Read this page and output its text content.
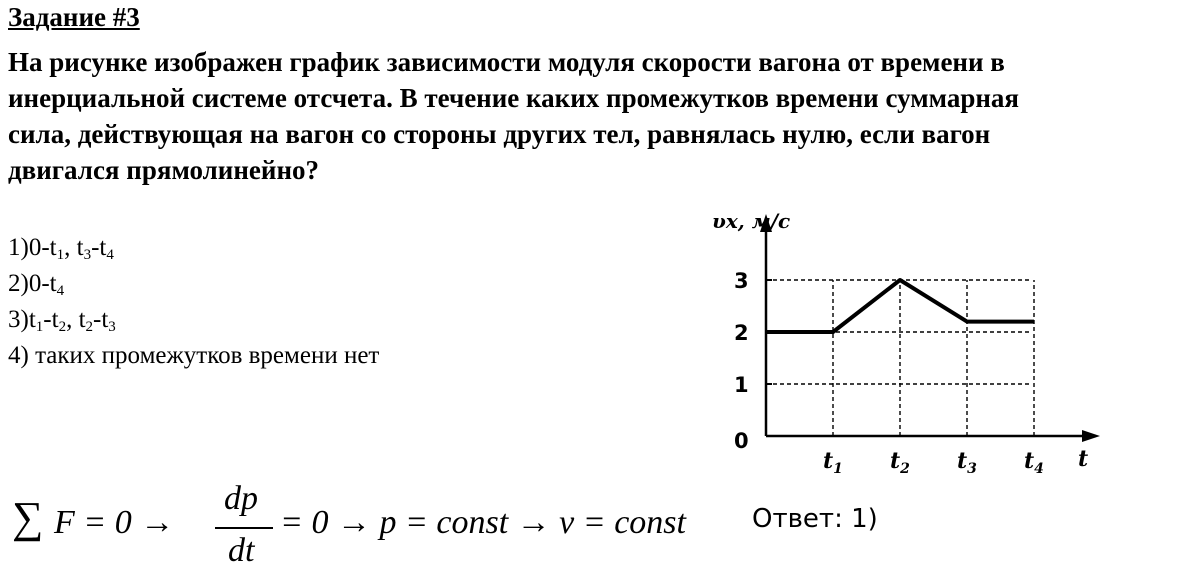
Задание #3
На рисунке изображен график зависимости модуля скорости вагона от времени в
инерциальной системе отсчета. В течение каких промежутков времени суммарная
сила, действующая на вагон со стороны других тел, равнялась нулю, если вагон
двигался прямолинейно?
$1)0-t_1$, $t_3-t_4$
$2)0-t_4$
$3)t_1-t_2$, $t_2-t_3$
4) таких промежутков времени нет
0
1
2
3
$t_1$ $t_2$ $t_3$ $t_4$ t
υx, м/с
∑ F = 0 →
dp
dt
= 0 → p = const → v = const	Ответ: 1)
